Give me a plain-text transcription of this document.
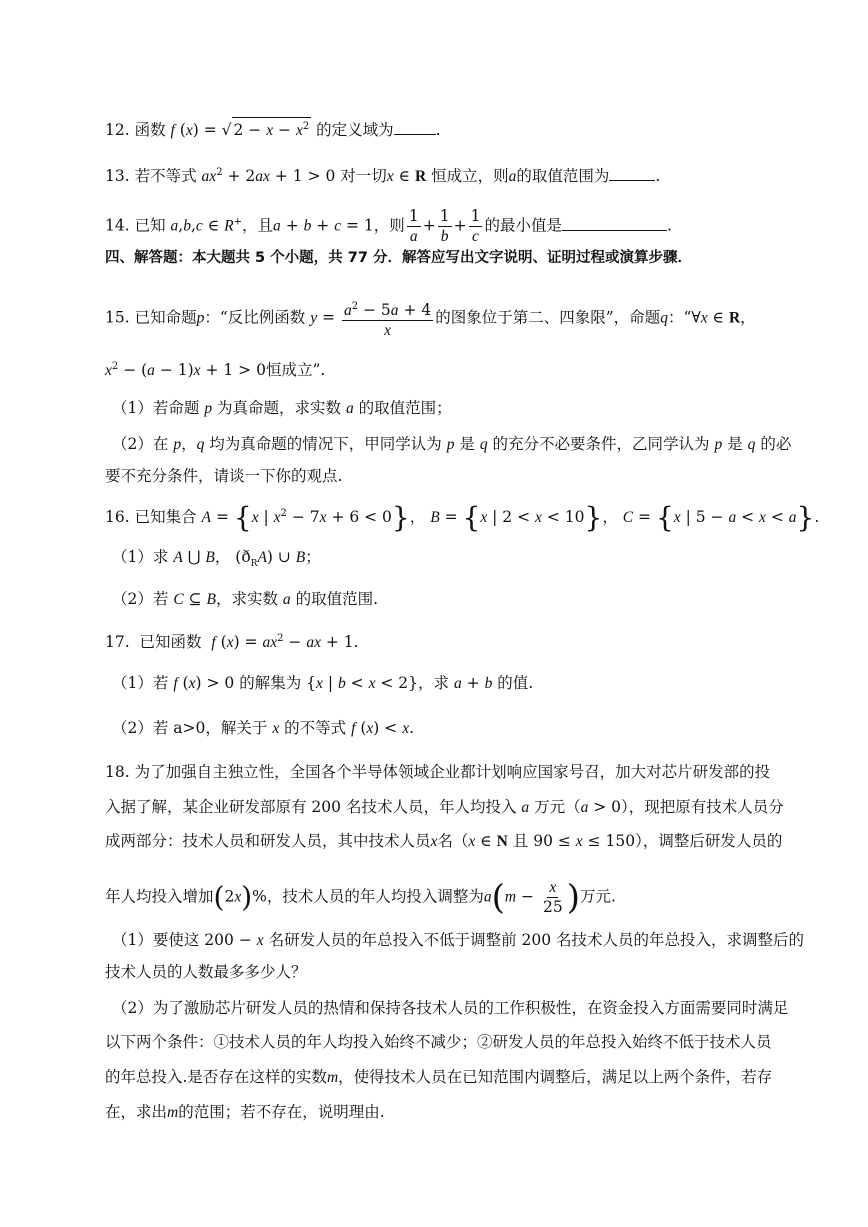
12. 函数 f (x) = √ $2 - x - x^2$ 的定义域为	.
13. 若不等式 $ax^2 + 2ax + 1 > 0$ 对一切x ∈ R 恒成立，则a的取值范围为	.
14. 已知 a,b,c ∈ R+，且a + b + c = 1，则 $\frac{1}{a} + \frac{1}{b} + \frac{1}{c}$ 的最小值是	.
四、解答题：本大题共 5 个小题，共 77 分．解答应写出文字说明、证明过程或演算步骤．
15. 已知命题p：“反比例函数 $y = \frac{a^2 - 5a + 4}{x}$ 的图象位于第二、四象限”，命题q：“∀x ∈ R，
$x^2 - (a - 1)x + 1 > 0$恒成立”.
（1）若命题 p 为真命题，求实数 a 的取值范围；
（2）在 p，q 均为真命题的情况下，甲同学认为 p 是 q 的充分不必要条件，乙同学认为 p 是 q 的必
要不充分条件，请谈一下你的观点.
16. 已知集合 A = {x | $x^2 - 7x + 6 < 0$}， B = {x | 2 < x < 10}， C = {x | 5 − a < x < a}.
（1）求 A ⋃ B， $(ð_RA)$ ∪ B；
（2）若 C ⊆ B，求实数 a 的取值范围.
17. 已知函数 f $(x) = ax^2$ − ax + 1.
（1）若 f (x) > 0 的解集为 {x | b < x < 2}，求 a + b 的值.
（2）若 a>0，解关于 x 的不等式 f (x) < x.
18. 为了加强自主独立性，全国各个半导体领域企业都计划响应国家号召，加大对芯片研发部的投
入据了解，某企业研发部原有 200 名技术人员，年人均投入 a 万元（a > 0），现把原有技术人员分
成两部分：技术人员和研发人员，其中技术人员x名（x ∈ N 且 90 ≤ x ≤ 150），调整后研发人员的
年人均投入增加(2x)%，技术人员的年人均投入调整为$a(m - \frac{x}{25}$ )万元.
（1）要使这 200 − x 名研发人员的年总投入不低于调整前 200 名技术人员的年总投入，求调整后的
技术人员的人数最多多少人？
（2）为了激励芯片研发人员的热情和保持各技术人员的工作积极性，在资金投入方面需要同时满足
以下两个条件：①技术人员的年人均投入始终不减少；②研发人员的年总投入始终不低于技术人员
的年总投入.是否存在这样的实数m，使得技术人员在已知范围内调整后，满足以上两个条件，若存
在，求出m的范围；若不存在，说明理由.
